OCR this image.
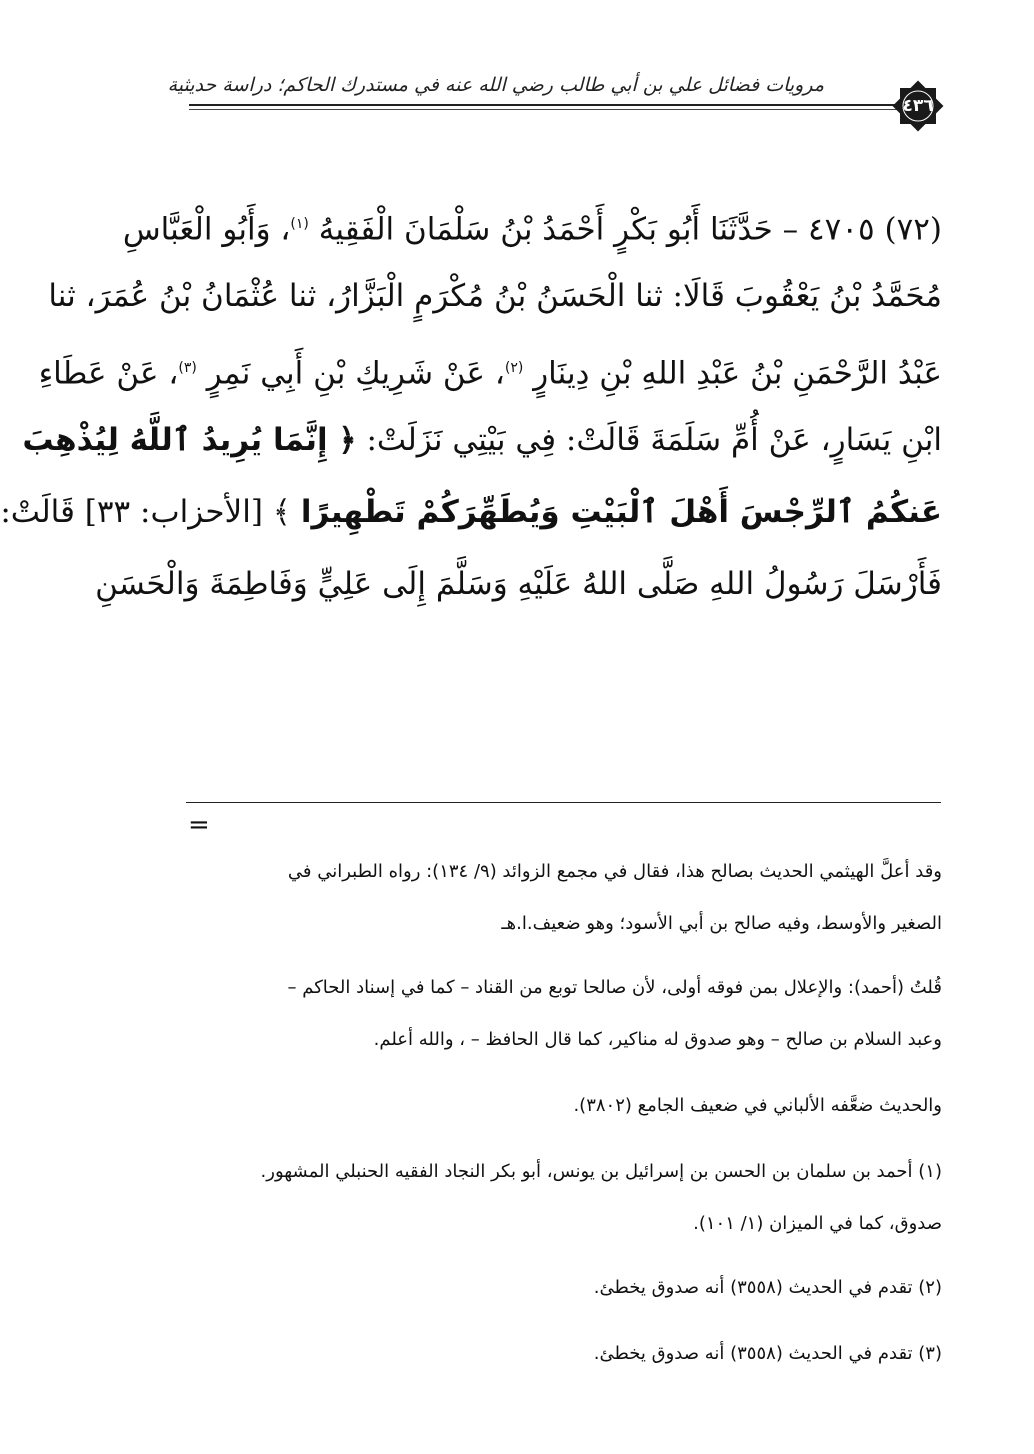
مرويات فضائل علي بن أبي طالب رضي الله عنه في مستدرك الحاكم؛ دراسة حديثية
٤٣٦
(٧٢) ٤٧٠٥ – حَدَّثَنَا أَبُو بَكْرٍ أَحْمَدُ بْنُ سَلْمَانَ الْفَقِيهُ $^{(١)}$، وَأَبُو الْعَبَّاسِ
مُحَمَّدُ بْنُ يَعْقُوبَ قَالَا: ثنا الْحَسَنُ بْنُ مُكْرَمٍ الْبَزَّارُ، ثنا عُثْمَانُ بْنُ عُمَرَ، ثنا
عَبْدُ الرَّحْمَنِ بْنُ عَبْدِ اللهِ بْنِ دِينَارٍ $^{(٢)}$، عَنْ شَرِيكِ بْنِ أَبِي نَمِرٍ $^{(٣)}$، عَنْ عَطَاءِ
ابْنِ يَسَارٍ، عَنْ أُمِّ سَلَمَةَ قَالَتْ: فِي بَيْتِي نَزَلَتْ: ﴿ إِنَّمَا يُرِيدُ ٱللَّهُ لِيُذْهِبَ
عَنكُمُ ٱلرِّجْسَ أَهْلَ ٱلْبَيْتِ وَيُطَهِّرَكُمْ تَطْهِيرًا ﴾ [الأحزاب: ٣٣] قَالَتْ:
فَأَرْسَلَ رَسُولُ اللهِ صَلَّى اللهُ عَلَيْهِ وَسَلَّمَ إِلَى عَلِيٍّ وَفَاطِمَةَ وَالْحَسَنِ
=

وقد أعلَّ الهيثمي الحديث بصالح هذا، فقال في مجمع الزوائد (٩/ ١٣٤): رواه الطبراني في
الصغير والأوسط، وفيه صالح بن أبي الأسود؛ وهو ضعيف.ا.هـ

قُلتُ (أحمد): والإعلال بمن فوقه أولى، لأن صالحا توبع من القناد – كما في إسناد الحاكم –
وعبد السلام بن صالح – وهو صدوق له مناكير، كما قال الحافظ – ، والله أعلم.

والحديث ضعَّفه الألباني في ضعيف الجامع (٣٨٠٢).

(١) أحمد بن سلمان بن الحسن بن إسرائيل بن يونس، أبو بكر النجاد الفقيه الحنبلي المشهور.
صدوق، كما في الميزان (١/ ١٠١).

(٢) تقدم في الحديث (٣٥٥٨) أنه صدوق يخطئ.

(٣) تقدم في الحديث (٣٥٥٨) أنه صدوق يخطئ.
